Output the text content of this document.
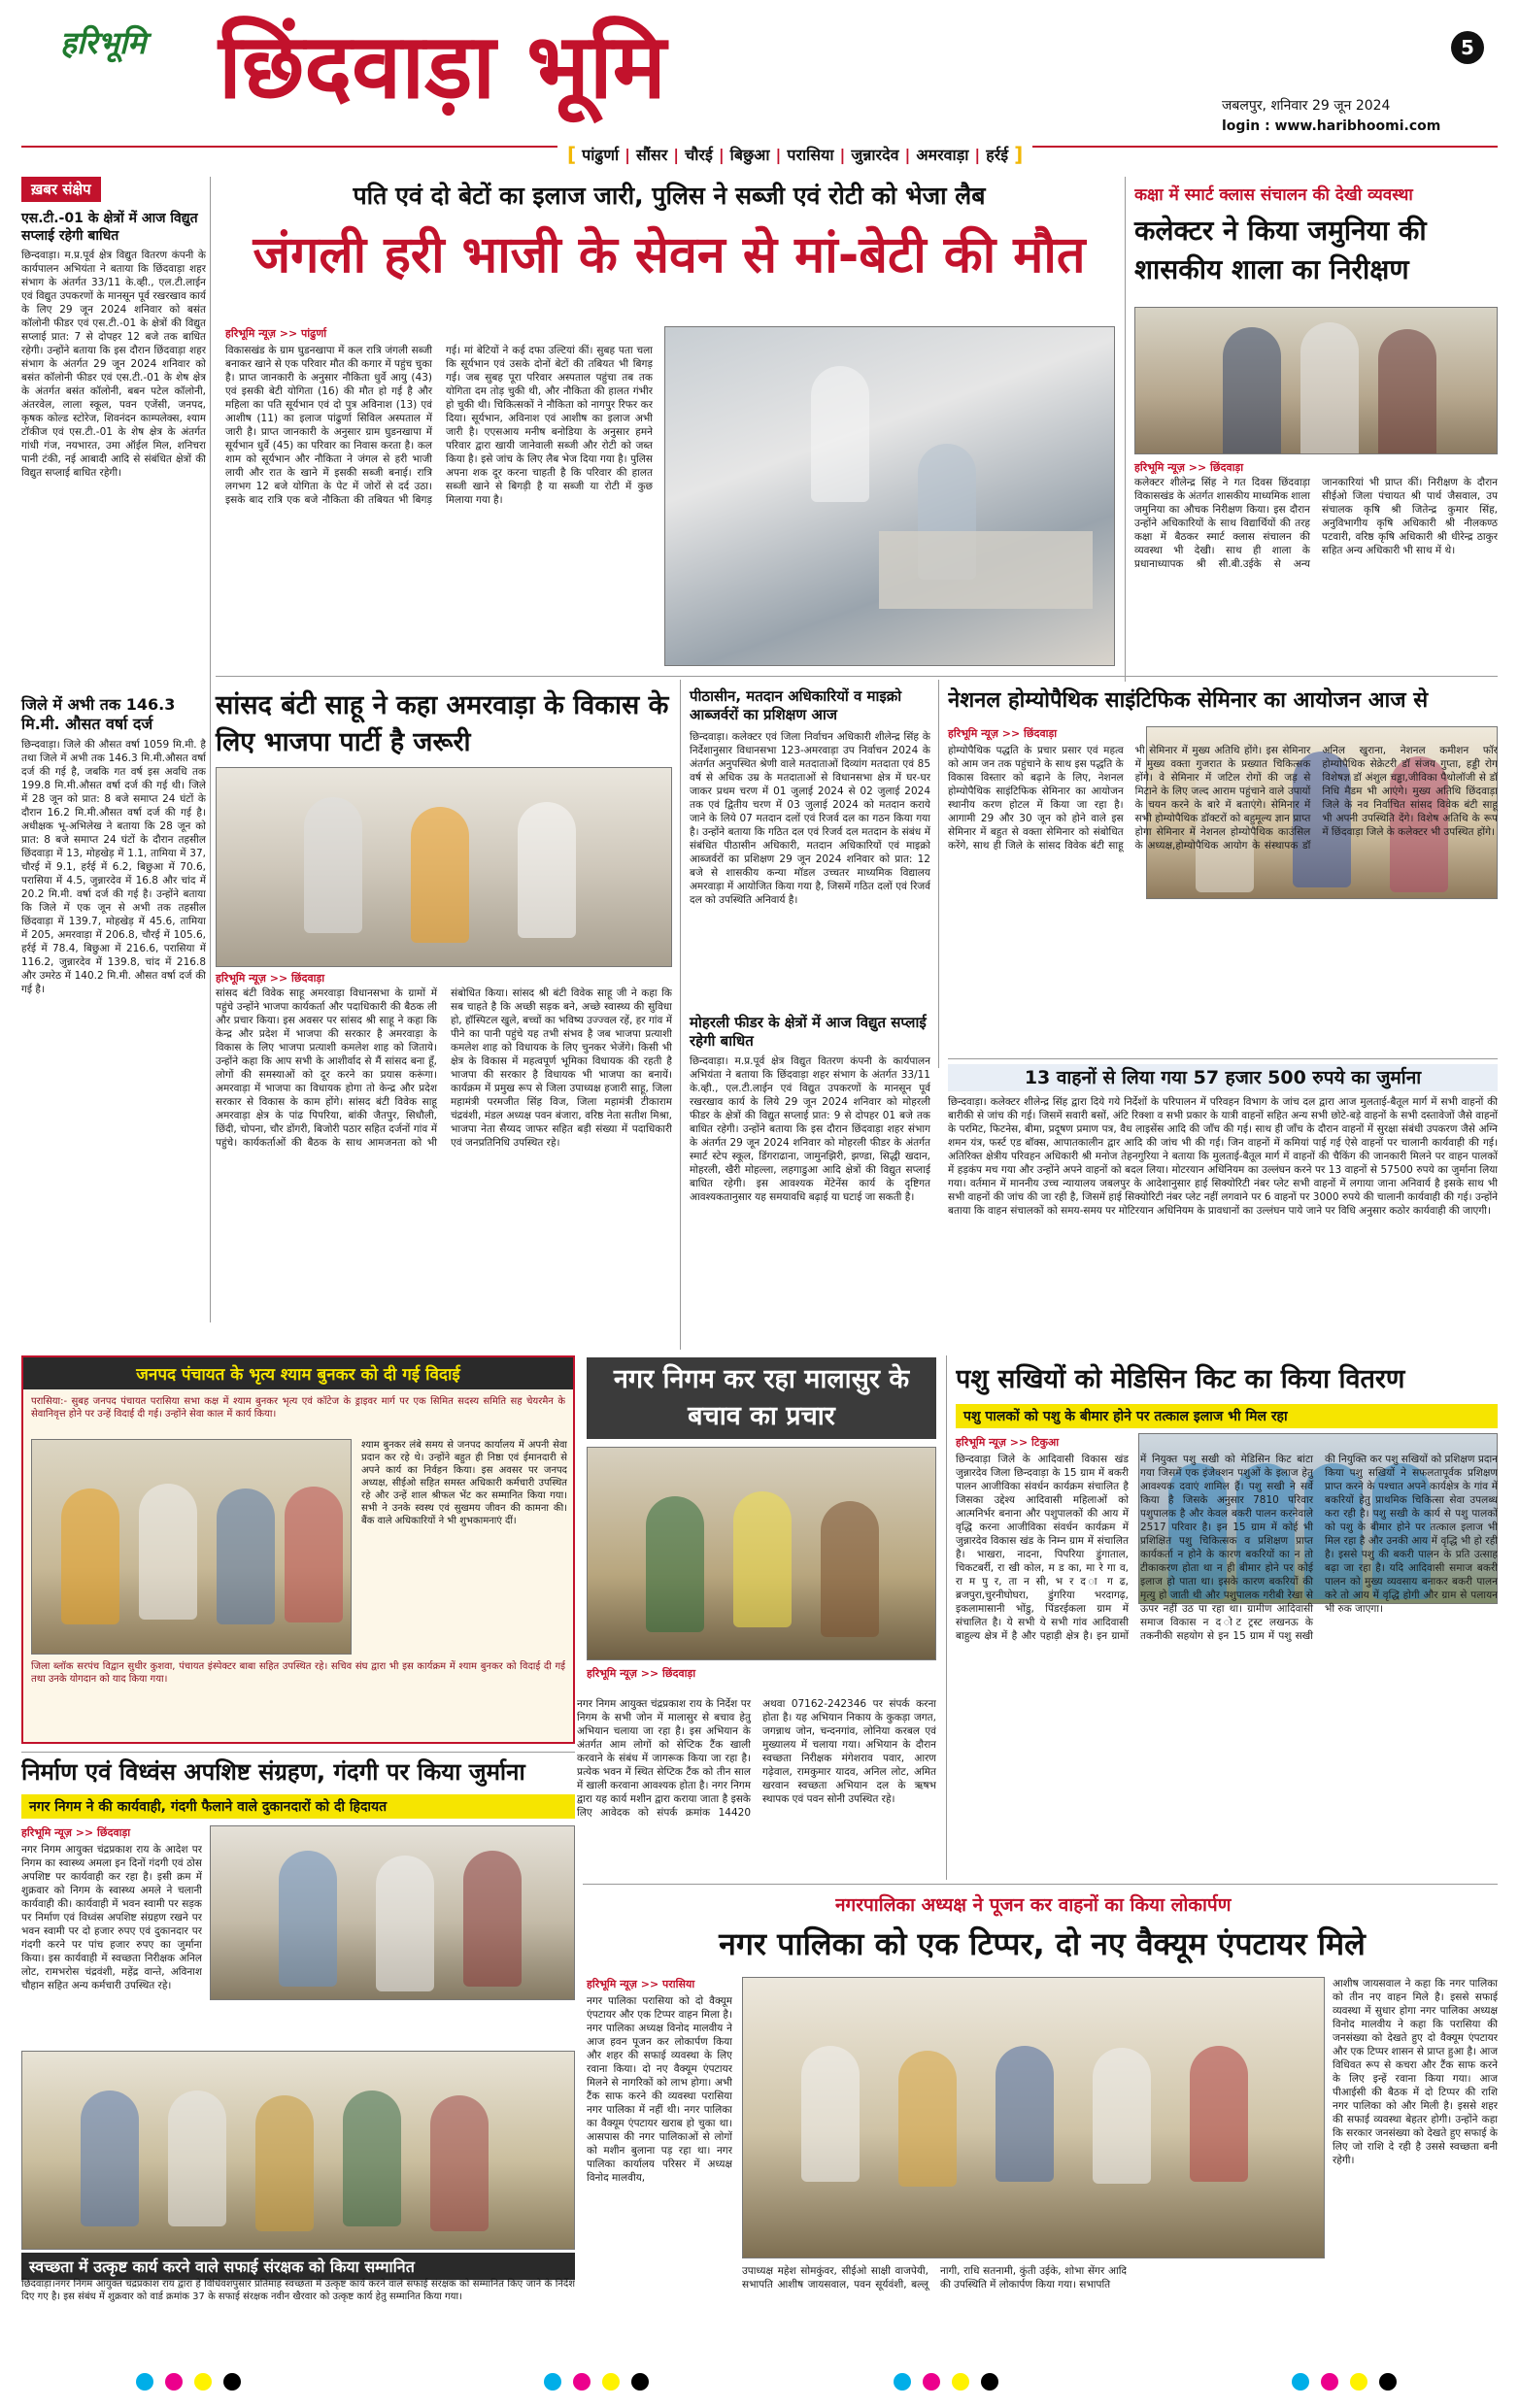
हरिभूमि छिंदवाड़ा भूमि	5
जबलपुर, शनिवार 29 जून 2024
login : www.haribhoomi.com
[ पांढुर्णा | सौंसर | चौरई | बिछुआ | परासिया | जुन्नारदेव | अमरवाड़ा | हर्रई ]
ख़बर संक्षेप
एस.टी.-01 के क्षेत्रों में आज विद्युत सप्लाई रहेगी बाधित
छिन्दवाड़ा। म.प्र.पूर्व क्षेत्र विद्युत वितरण कंपनी के कार्यपालन अभियंता ने बताया कि छिंदवाड़ा शहर संभाग के अंतर्गत 33/11 के.व्ही., एल.टी.लाईन एवं विद्युत उपकरणों के मानसून पूर्व रखरखाव कार्य के लिए 29 जून 2024 शनिवार को बसंत कॉलोनी फीडर एवं एस.टी.-01 के क्षेत्रों की विद्युत सप्लाई प्रात: 7 से दोपहर 12 बजे तक बाधित रहेगी। उन्होंने बताया कि इस दौरान छिंदवाड़ा शहर संभाग के अंतर्गत 29 जून 2024 शनिवार को बसंत कॉलोनी फीडर एवं एस.टी.-01 के शेष क्षेत्र के अंतर्गत बसंत कॉलोनी, बबन पटेल कॉलोनी, अंतरवेल, लाला स्कूल, पवन एजेंसी, जनपद, कृषक कोल्ड स्टोरेज, शिवनंदन काम्पलेक्स, श्याम टॉकीज एवं एस.टी.-01 के शेष क्षेत्र के अंतर्गत गांधी गंज, नयभारत, उमा ऑईल मिल, शनिचरा पानी टंकी, नई आबादी आदि से संबंधित क्षेत्रों की विद्युत सप्लाई बाधित रहेगी।
जिले में अभी तक 146.3 मि.मी. औसत वर्षा दर्ज
छिन्दवाड़ा। जिले की औसत वर्षा 1059 मि.मी. है तथा जिले में अभी तक 146.3 मि.मी.औसत वर्षा दर्ज की गई है, जबकि गत वर्ष इस अवधि तक 199.8 मि.मी.औसत वर्षा दर्ज की गई थी। जिले में 28 जून को प्रात: 8 बजे समाप्त 24 घंटों के दौरान 16.2 मि.मी.औसत वर्षा दर्ज की गई है। अधीक्षक भू-अभिलेख ने बताया कि 28 जून को प्रात: 8 बजे समाप्त 24 घंटों के दौरान तहसील छिंदवाड़ा में 13, मोहखेड़ में 1.1, तामिया में 37, चौरई में 9.1, हर्रई में 6.2, बिछुआ में 70.6, परासिया में 4.5, जुन्नारदेव में 16.8 और चांद में 20.2 मि.मी. वर्षा दर्ज की गई है। उन्होंने बताया कि जिले में एक जून से अभी तक तहसील छिंदवाड़ा में 139.7, मोहखेड़ में 45.6, तामिया में 205, अमरवाड़ा में 206.8, चौरई में 105.6, हर्रई में 78.4, बिछुआ में 216.6, परासिया में 116.2, जुन्नारदेव में 139.8, चांद में 216.8 और उमरेठ में 140.2 मि.मी. औसत वर्षा दर्ज की गई है।
पति एवं दो बेटों का इलाज जारी, पुलिस ने सब्जी एवं रोटी को भेजा लैब
जंगली हरी भाजी के सेवन से मां-बेटी की मौत
हरिभूमि न्यूज़ >> पांढुर्णा
विकासखंड के ग्राम घुडनखापा में कल रात्रि जंगली सब्जी बनाकर खाने से एक परिवार मौत की कगार में पहुंच चुका है। प्राप्त जानकारी के अनुसार नौकिता धुर्वे आयु (43) एवं इसकी बेटी योगिता (16) की मौत हो गई है और महिला का पति सूर्यभान एवं दो पुत्र अविनाश (13) एवं आशीष (11) का इलाज पांढुर्णा सिविल अस्पताल में जारी है। प्राप्त जानकारी के अनुसार ग्राम घुडनखापा में सूर्यभान धुर्वे (45) का परिवार का निवास करता है। कल शाम को सूर्यभान और नौकिता ने जंगल से हरी भाजी लायी और रात के खाने में इसकी सब्जी बनाई। रात्रि लगभग 12 बजे योगिता के पेट में जोरों से दर्द उठा। इसके बाद रात्रि एक बजे नौकिता की तबियत भी बिगड़ गई। मां बेटियों ने कई दफा उल्टियां कीं। सुबह पता चला कि सूर्यभान एवं उसके दोनों बेटों की तबियत भी बिगड़ गई। जब सुबह पूरा परिवार अस्पताल पहुंचा तब तक योगिता दम तोड़ चुकी थी, और नौकिता की हालत गंभीर हो चुकी थी। चिकित्सकों ने नौकिता को नागपुर रिफर कर दिया। सूर्यभान, अविनाश एवं आशीष का इलाज अभी जारी है। एएसआय मनीष बनोडिया के अनुसार हमने परिवार द्वारा खायी जानेवाली सब्जी और रोटी को जब्त किया है। इसे जांच के लिए लैब भेज दिया गया है। पुलिस अपना शक दूर करना चाहती है कि परिवार की हालत सब्जी खाने से बिगड़ी है या सब्जी या रोटी में कुछ मिलाया गया है।
कक्षा में स्मार्ट क्लास संचालन की देखी व्यवस्था
कलेक्टर ने किया जमुनिया की शासकीय शाला का निरीक्षण
हरिभूमि न्यूज़ >> छिंदवाड़ा
कलेक्टर शीलेन्द्र सिंह ने गत दिवस छिंदवाड़ा विकासखंड के अंतर्गत शासकीय माध्यमिक शाला जमुनिया का औचक निरीक्षण किया। इस दौरान उन्होंने अधिकारियों के साथ विद्यार्थियों की तरह कक्षा में बैठकर स्मार्ट क्लास संचालन की व्यवस्था भी देखी। साथ ही शाला के प्रधानाध्यापक श्री सी.बी.उईके से अन्य जानकारियां भी प्राप्त कीं। निरीक्षण के दौरान सीईओ जिला पंचायत श्री पार्थ जैसवाल, उप संचालक कृषि श्री जितेन्द्र कुमार सिंह, अनुविभागीय कृषि अधिकारी श्री नीलकण्ठ पटवारी, वरिष्ठ कृषि अधिकारी श्री धीरेन्द्र ठाकुर सहित अन्य अधिकारी भी साथ में थे।
सांसद बंटी साहू ने कहा अमरवाड़ा के विकास के लिए भाजपा पार्टी है जरूरी
हरिभूमि न्यूज़ >> छिंदवाड़ा
सांसद बंटी विवेक साहू अमरवाड़ा विधानसभा के ग्रामों में पहुंचे उन्होंने भाजपा कार्यकर्ता और पदाधिकारी की बैठक ली और प्रचार किया। इस अवसर पर सांसद श्री साहू ने कहा कि केन्द्र और प्रदेश में भाजपा की सरकार है अमरवाड़ा के विकास के लिए भाजपा प्रत्याशी कमलेश शाह को जिताये। उन्होंने कहा कि आप सभी के आशीर्वाद से मैं सांसद बना हूँ, लोगों की समस्याओं को दूर करने का प्रयास करूंगा। अमरवाड़ा में भाजपा का विधायक होगा तो केन्द्र और प्रदेश सरकार से विकास के काम होंगे। सांसद बंटी विवेक साहू अमरवाड़ा क्षेत्र के पांढ पिपरिया, बांकी जैतपुर, सिधौली, छिंदी, चोपना, चौर डोंगरी, बिजोरी पठार सहित दर्जनों गांव में पहुंचे। कार्यकर्ताओं की बैठक के साथ आमजनता को भी संबोधित किया। सांसद श्री बंटी विवेक साहू जी ने कहा कि सब चाहते है कि अच्छी सड़क बने, अच्छे स्वास्थ्य की सुविधा हो, हॉस्पिटल खुले, बच्चों का भविष्य उज्ज्वल रहें, हर गांव में पीने का पानी पहुंचे यह तभी संभव है जब भाजपा प्रत्याशी कमलेश शाह को विधायक के लिए चुनकर भेजेंगे। किसी भी क्षेत्र के विकास में महत्वपूर्ण भूमिका विधायक की रहती है भाजपा की सरकार है विधायक भी भाजपा का बनायें। कार्यक्रम में प्रमुख रूप से जिला उपाध्यक्ष हजारी साहू, जिला महामंत्री परमजीत सिंह विज, जिला महामंत्री टीकाराम चंद्रवंशी, मंडल अध्यक्ष पवन बंजारा, वरिष्ठ नेता सतीश मिश्रा, भाजपा नेता सैय्यद जाफर सहित बड़ी संख्या में पदाधिकारी एवं जनप्रतिनिधि उपस्थित रहे।
पीठासीन, मतदान अधिकारियों व माइक्रो आब्जर्वरों का प्रशिक्षण आज
छिन्दवाड़ा। कलेक्टर एवं जिला निर्वाचन अधिकारी शीलेन्द्र सिंह के निर्देशानुसार विधानसभा 123-अमरवाड़ा उप निर्वाचन 2024 के अंतर्गत अनुपस्थित श्रेणी वाले मतदाताओं दिव्यांग मतदाता एवं 85 वर्ष से अधिक उम्र के मतदाताओं से विधानसभा क्षेत्र में घर-घर जाकर प्रथम चरण में 01 जुलाई 2024 से 02 जुलाई 2024 तक एवं द्वितीय चरण में 03 जुलाई 2024 को मतदान कराये जाने के लिये 07 मतदान दलों एवं रिजर्व दल का गठन किया गया है। उन्होंने बताया कि गठित दल एवं रिजर्व दल मतदान के संबंध में संबंधित पीठासीन अधिकारी, मतदान अधिकारियों एवं माइक्रो आब्जर्वरों का प्रशिक्षण 29 जून 2024 शनिवार को प्रात: 12 बजे से शासकीय कन्या मॉडल उच्चतर माध्यमिक विद्यालय अमरवाड़ा में आयोजित किया गया है, जिसमें गठित दलों एवं रिजर्व दल को उपस्थिति अनिवार्य है।
मोहरली फीडर के क्षेत्रों में आज विद्युत सप्लाई रहेगी बाधित
छिन्दवाड़ा। म.प्र.पूर्व क्षेत्र विद्युत वितरण कंपनी के कार्यपालन अभियंता ने बताया कि छिंदवाड़ा शहर संभाग के अंतर्गत 33/11 के.व्ही., एल.टी.लाईन एवं विद्युत उपकरणों के मानसून पूर्व रखरखाव कार्य के लिये 29 जून 2024 शनिवार को मोहरली फीडर के क्षेत्रों की विद्युत सप्लाई प्रात: 9 से दोपहर 01 बजे तक बाधित रहेगी। उन्होंने बताया कि इस दौरान छिंदवाड़ा शहर संभाग के अंतर्गत 29 जून 2024 शनिवार को मोहरली फीडर के अंतर्गत स्मार्ट स्टेप स्कूल, डिंगराढाना, जामुनझिरी, झण्डा, सिद्धी खदान, मोहरली, खैरी मोहल्ला, लहगाडुआ आदि क्षेत्रों की विद्युत सप्लाई बाधित रहेगी। इस आवश्यक मेंटेनेंस कार्य के दृष्टिगत आवश्यकतानुसार यह समयावधि बढ़ाई या घटाई जा सकती है।
नेशनल होम्योपैथिक साइंटिफिक सेमिनार का आयोजन आज से
हरिभूमि न्यूज़ >> छिंदवाड़ा
होम्योपैथिक पद्धति के प्रचार प्रसार एवं महत्व को आम जन तक पहुंचाने के साथ इस पद्धति के विकास विस्तार को बढ़ाने के लिए, नेशनल होम्योपैथिक साइंटिफिक सेमिनार का आयोजन स्थानीय करण होटल में किया जा रहा है। आगामी 29 और 30 जून को होने वाले इस सेमिनार में बहुत से वक्ता सेमिनार को संबोधित करेंगे, साथ ही जिले के सांसद विवेक बंटी साहू भी सेमिनार में मुख्य अतिथि होंगे। इस सेमिनार में मुख्य वक्ता गुजरात के प्रख्यात चिकित्सक होंगे। वे सेमिनार में जटिल रोगों की जड़ से मिटाने के लिए जल्द आराम पहुंचाने वाले उपायों के चयन करने के बारे में बताएंगे। सेमिनार में सभी होम्योपैथिक डॉक्टरों को बहुमूल्य ज्ञान प्राप्त होगा सेमिनार में नेशनल होम्योपैथिक काउंसिल के अध्यक्ष,होम्योपैथिक आयोग के संस्थापक डॉ अनिल खुराना, नेशनल कमीशन फॉर होम्योपैथिक सेक्रेटरी डॉ संजय गुप्ता, हड्डी रोग विशेषज्ञ डॉ अंशुल चड्ढा,जीविका पैथोलॉजी से डॉ निधि मैडम भी आएंगे। मुख्य अतिथि छिंदवाड़ा जिले के नव निर्वाचित सांसद विवेक बंटी साहू भी अपनी उपस्थिति देंगे। विशेष अतिथि के रूप में छिंदवाड़ा जिले के कलेक्टर भी उपस्थित होंगे।
13 वाहनों से लिया गया 57 हजार 500 रुपये का जुर्माना
छिन्दवाड़ा। कलेक्टर शीलेन्द्र सिंह द्वारा दिये गये निर्देशों के परिपालन में परिवहन विभाग के जांच दल द्वारा आज मुलताई-बैतूल मार्ग में सभी वाहनों की बारीकी से जांच की गई। जिसमें सवारी बसों, अंटि रिक्शा व सभी प्रकार के यात्री वाहनों सहित अन्य सभी छोटे-बड़े वाहनों के सभी दस्तावेजों जैसे वाहनों के परमिट, फिटनेस, बीमा, प्रदूषण प्रमाण पत्र, वैध लाइसेंस आदि की जाँच की गई। साथ ही जाँच के दौरान वाहनों में सुरक्षा संबंधी उपकरण जैसे अग्नि शमन यंत्र, फर्स्ट एड बॉक्स, आपातकालीन द्वार आदि की जांच भी की गई। जिन वाहनों में कमियां पाई गई ऐसे वाहनों पर चालानी कार्यवाही की गई। अतिरिक्त क्षेत्रीय परिवहन अधिकारी श्री मनोज तेहनगुरिया ने बताया कि मुलताई-बैतूल मार्ग में वाहनों की चैकिंग की जानकारी मिलने पर वाहन पालकों में हड़कंप मच गया और उन्होंने अपने वाहनों को बदल लिया। मोटरयान अधिनियम का उल्लंघन करने पर 13 वाहनों से 57500 रुपये का जुर्माना लिया गया। वर्तमान में माननीय उच्च न्यायालय जबलपुर के आदेशानुसार हाई सिक्योरिटी नंबर प्लेट सभी वाहनों में लगाया जाना अनिवार्य है इसके साथ भी सभी वाहनों की जांच की जा रही है, जिसमें हाई सिक्योरिटी नंबर प्लेट नहीं लगवाने पर 6 वाहनों पर 3000 रुपये की चालानी कार्यवाही की गई। उन्होंने बताया कि वाहन संचालकों को समय-समय पर मोटिरयान अधिनियम के प्रावधानों का उल्लंघन पाये जाने पर विधि अनुसार कठोर कार्यवाही की जाएगी।
जनपद पंचायत के भृत्य श्याम बुनकर को दी गई विदाई
परासिया:- सुबह जनपद पंचायत परासिया सभा कक्ष में श्याम बुनकर भृत्य एवं कॉटेज के ड्राइवर मार्ग पर एक सिमित सदस्य समिति सह चेयरमैन के सेवानिवृत्त होने पर उन्हें विदाई दी गई। उन्होंने सेवा काल में कार्य किया।
श्याम बुनकर लंबे समय से जनपद कार्यालय में अपनी सेवा प्रदान कर रहे थे। उन्होंने बहुत ही निष्ठा एवं ईमानदारी से अपने कार्य का निर्वहन किया। इस अवसर पर जनपद अध्यक्ष, सीईओ सहित समस्त अधिकारी कर्मचारी उपस्थित रहे और उन्हें शाल श्रीफल भेंट कर सम्मानित किया गया। सभी ने उनके स्वस्थ एवं सुखमय जीवन की कामना की। बैंक वाले अधिकारियों ने भी शुभकामनाएं दीं।
जिला ब्लॉक सरपंच विद्वान सुधीर कुशवा, पंचायत इंस्पेक्टर बाबा सहित उपस्थित रहे। सचिव संघ द्वारा भी इस कार्यक्रम में श्याम बुनकर को विदाई दी गई तथा उनके योगदान को याद किया गया।
नगर निगम कर रहा मालासुर के बचाव का प्रचार
हरिभूमि न्यूज़ >> छिंदवाड़ा
नगर निगम आयुक्त चंद्रप्रकाश राय के निर्देश पर निगम के सभी जोन में मालासुर से बचाव हेतु अभियान चलाया जा रहा है। इस अभियान के अंतर्गत आम लोगों को सेप्टिक टैंक खाली करवाने के संबंध में जागरूक किया जा रहा है। प्रत्येक भवन में स्थित सेप्टिक टैंक को तीन साल में खाली करवाना आवश्यक होता है। नगर निगम द्वारा यह कार्य मशीन द्वारा कराया जाता है इसके लिए आवेदक को संपर्क क्रमांक 14420 अथवा 07162-242346 पर संपर्क करना होता है। यह अभियान निकाय के कुकड़ा जगत, जगन्नाथ जोन, चन्दनगांव, लोनिया करबल एवं मुख्यालय में चलाया गया। अभियान के दौरान स्वच्छता निरीक्षक मंगेशराव पवार, आरण गढ़ेवाल, रामकुमार यादव, अनिल लोट, अमित खरवान स्वच्छता अभियान दल के ऋषभ स्थापक एवं पवन सोनी उपस्थित रहे।
पशु सखियों को मेडिसिन किट का किया वितरण
पशु पालकों को पशु के बीमार होने पर तत्काल इलाज भी मिल रहा
हरिभूमि न्यूज़ >> टिकुआ
छिन्दवाड़ा जिले के आदिवासी विकास खंड जुन्नारदेव जिला छिन्दवाड़ा के 15 ग्राम में बकरी पालन आजीविका संवर्धन कार्यक्रम संचालित है जिसका उद्देश्य आदिवासी महिलाओं को आत्मनिर्भर बनाना और पशुपालकों की आय में वृद्धि करना आजीविका संवर्धन कार्यक्रम में जुन्नारदेव विकास खंड के निम्न ग्राम में संचालित है। भाखरा, नादना, पिपरिया डुंगाताल, चिकटबर्री, रा खी कोल, म ड का, मा रे गा व, रा म पु र, ता न सी, भ र द ा ग ढ, ब्रजपुरा,चुरनीघोघरा, डुंगरिया भरदागढ़, इकलामासानी भोंडु, पिंडरईकला ग्राम में संचालित है। ये सभी ये सभी गांव आदिवासी बाहुल्य क्षेत्र में है और पहाड़ी क्षेत्र है। इन ग्रामों में नियुक्त पशु सखी को मेडिसिन किट बांटा गया जिसमें एक इंजेक्शन पशुओं के इलाज हेतु आवश्यक दवाएं शामिल हैं। पशु सखी ने सर्वे किया है जिसके अनुसार 7810 परिवार पशुपालक है और केवल बकरी पालन करनेवाले 2517 परिवार है। इन 15 ग्राम में कोई भी प्रशिक्षित पशु चिकित्सक व प्रशिक्षण प्राप्त कार्यकर्ता न होने के कारण बकरियों का न तो टीकाकरण होता था न ही बीमार होने पर कोई इलाज हो पाता था। इसके कारण बकरियों की मृत्यु हो जाती थी और पशुपालक गरीबी रेखा से ऊपर नहीं उठ पा रहा था। ग्रामीण आदिवासी समाज विकास न द ोट ट्रस्ट लखनऊ के तकनीकी सहयोग से इन 15 ग्राम में पशु सखी की नियुक्ति कर पशु सखियों को प्रशिक्षण प्रदान किया पशु सखियों ने सफलतापूर्वक प्रशिक्षण प्राप्त करने के पश्चात अपने कार्यक्षेत्र के गांव में बकरियों हेतु प्राथमिक चिकित्सा सेवा उपलब्ध करा रही है। पशु सखी के कार्य से पशु पालकों को पशु के बीमार होने पर तत्काल इलाज भी मिल रहा है और उनकी आय में वृद्धि भी हो रही है। इससे पशु की बकरी पालन के प्रति उत्साह बढ़ा जा रहा है। यदि आदिवासी समाज बकरी पालन को मुख्य व्यवसाय बनाकर बकरी पालन करे तो आय में वृद्धि होगी और ग्राम से पलायन भी रुक जाएगा।
निर्माण एवं विध्वंस अपशिष्ट संग्रहण, गंदगी पर किया जुर्माना
नगर निगम ने की कार्यवाही, गंदगी फैलाने वाले दुकानदारों को दी हिदायत
हरिभूमि न्यूज़ >> छिंदवाड़ा
नगर निगम आयुक्त चंद्रप्रकाश राय के आदेश पर निगम का स्वास्थ्य अमला इन दिनों गंदगी एवं ठोस अपशिष्ट पर कार्यवाही कर रहा है। इसी क्रम में शुक्रवार को निगम के स्वास्थ्य अमले ने चलानी कार्यवाही की। कार्यवाही में भवन स्वामी पर सड़क पर निर्माण एवं विध्वंस अपशिष्ट संग्रहण रखने पर भवन स्वामी पर दो हजार रुपए एवं दुकानदार पर गंदगी करने पर पांच हजार रुपए का जुर्माना किया। इस कार्यवाही में स्वच्छता निरीक्षक अनिल लोट, रामभरोस चंद्रवंशी, महेंद्र वान्ते, अविनाश चौहान सहित अन्य कर्मचारी उपस्थित रहे।
स्वच्छता में उत्कृष्ट कार्य करने वाले सफाई संरक्षक को किया सम्मानित
छिंदवाड़ा।नगर निगम आयुक्त चंद्रप्रकाश राय द्वारा हे विधिवशपुसार प्रतिमाह स्वच्छता में उत्कृष्ट कार्य करने वाले सफाई संरक्षक को सम्मानित किए जाने के निर्देश दिए गए है। इस संबंध में शुक्रवार को वार्ड क्रमांक 37 के सफाई संरक्षक नवीन खैरवार को उत्कृष्ट कार्य हेतु सम्मानित किया गया।
नगरपालिका अध्यक्ष ने पूजन कर वाहनों का किया लोकार्पण
नगर पालिका को एक टिप्पर, दो नए वैक्यूम एंपटायर मिले
हरिभूमि न्यूज़ >> परासिया
नगर पालिका परासिया को दो वैक्यूम एंपटायर और एक टिप्पर वाहन मिला है। नगर पालिका अध्यक्ष विनोद मालवीय ने आज हवन पूजन कर लोकार्पण किया और शहर की सफाई व्यवस्था के लिए रवाना किया। दो नए वैक्यूम एंपटायर मिलने से नागरिकों को लाभ होगा। अभी टैंक साफ करने की व्यवस्था परासिया नगर पालिका में नहीं थी। नगर पालिका का वैक्यूम एंपटायर खराब हो चुका था। आसपास की नगर पालिकाओं से लोगों को मशीन बुलाना पड़ रहा था। नगर पालिका कार्यालय परिसर में अध्यक्ष विनोद मालवीय,
उपाध्यक्ष महेश सोमकुंवर, सीईओ साक्षी वाजपेयी, सभापति आशीष जायसवाल, पवन सूर्यवंशी, बल्लू नागी, राधि सतनामी, कुंती उईके, शोभा सेंगर आदि की उपस्थिति में लोकार्पण किया गया। सभापति
आशीष जायसवाल ने कहा कि नगर पालिका को तीन नए वाहन मिले है। इससे सफाई व्यवस्था में सुधार होगा नगर पालिका अध्यक्ष विनोद मालवीय ने कहा कि परासिया की जनसंख्या को देखते हुए दो वैक्यूम एंपटायर और एक टिप्पर शासन से प्राप्त हुआ है। आज विधिवत रूप से कचरा और टैंक साफ करने के लिए इन्हें रवाना किया गया। आज पीआईसी की बैठक में दो टिप्पर की राशि नगर पालिका को और मिली है। इससे शहर की सफाई व्यवस्था बेहतर होगी। उन्होंने कहा कि सरकार जनसंख्या को देखते हुए सफाई के लिए जो राशि दे रही है उससे स्वच्छता बनी रहेगी।
